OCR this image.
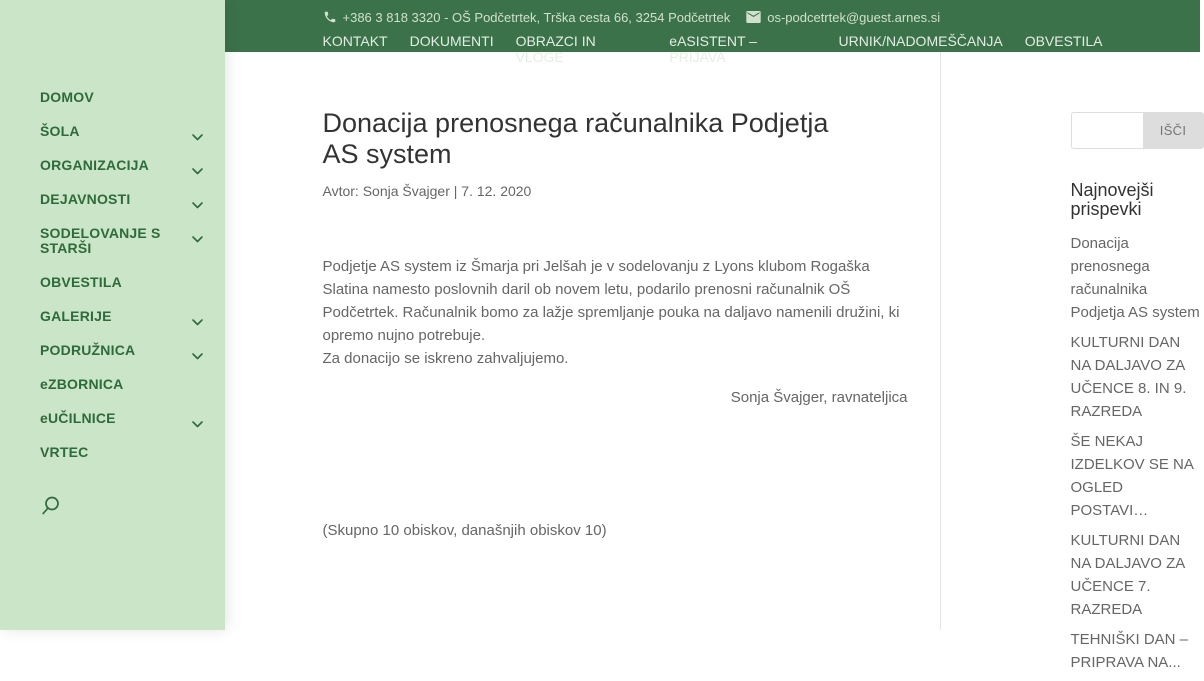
+386 3 818 3320 - OŠ Podčetrtek, Trška cesta 66, 3254 Podčetrtek	os-podcetrtek@guest.arnes.si
KONTAKT DOKUMENTI OBRAZCI IN VLOGE
eASISTENT – PRIJAVA
URNIK/NADOMEŠČANJA OBVESTILA
DOMOV
ŠOLA
ORGANIZACIJA
DEJAVNOSTI
SODELOVANJE S STARŠI
OBVESTILA
GALERIJE
PODRUŽNICA
eZBORNICA
eUČILNICE
VRTEC
Donacija prenosnega računalnika Podjetja AS system

Avtor: Sonja Švajger | 7. 12. 2020

Podjetje AS system iz Šmarja pri Jelšah je v sodelovanju z Lyons klubom Rogaška Slatina namesto poslovnih daril ob novem letu, podarilo prenosni računalnik OŠ Podčetrtek. Računalnik bomo za lažje spremljanje pouka na daljavo namenili družini, ki opremo nujno potrebuje.

Za donacijo se iskreno zahvaljujemo.

Sonja Švajger, ravnateljica

(Skupno 10 obiskov, današnjih obiskov 10)

IŠČI
Najnovejši prispevki
Donacija prenosnega računalnika Podjetja AS system
KULTURNI DAN NA DALJAVO ZA UČENCE 8. IN 9. RAZREDA
ŠE NEKAJ IZDELKOV SE NA OGLED POSTAVI…
KULTURNI DAN NA DALJAVO ZA UČENCE 7. RAZREDA
TEHNIŠKI DAN – PRIPRAVA NA...
